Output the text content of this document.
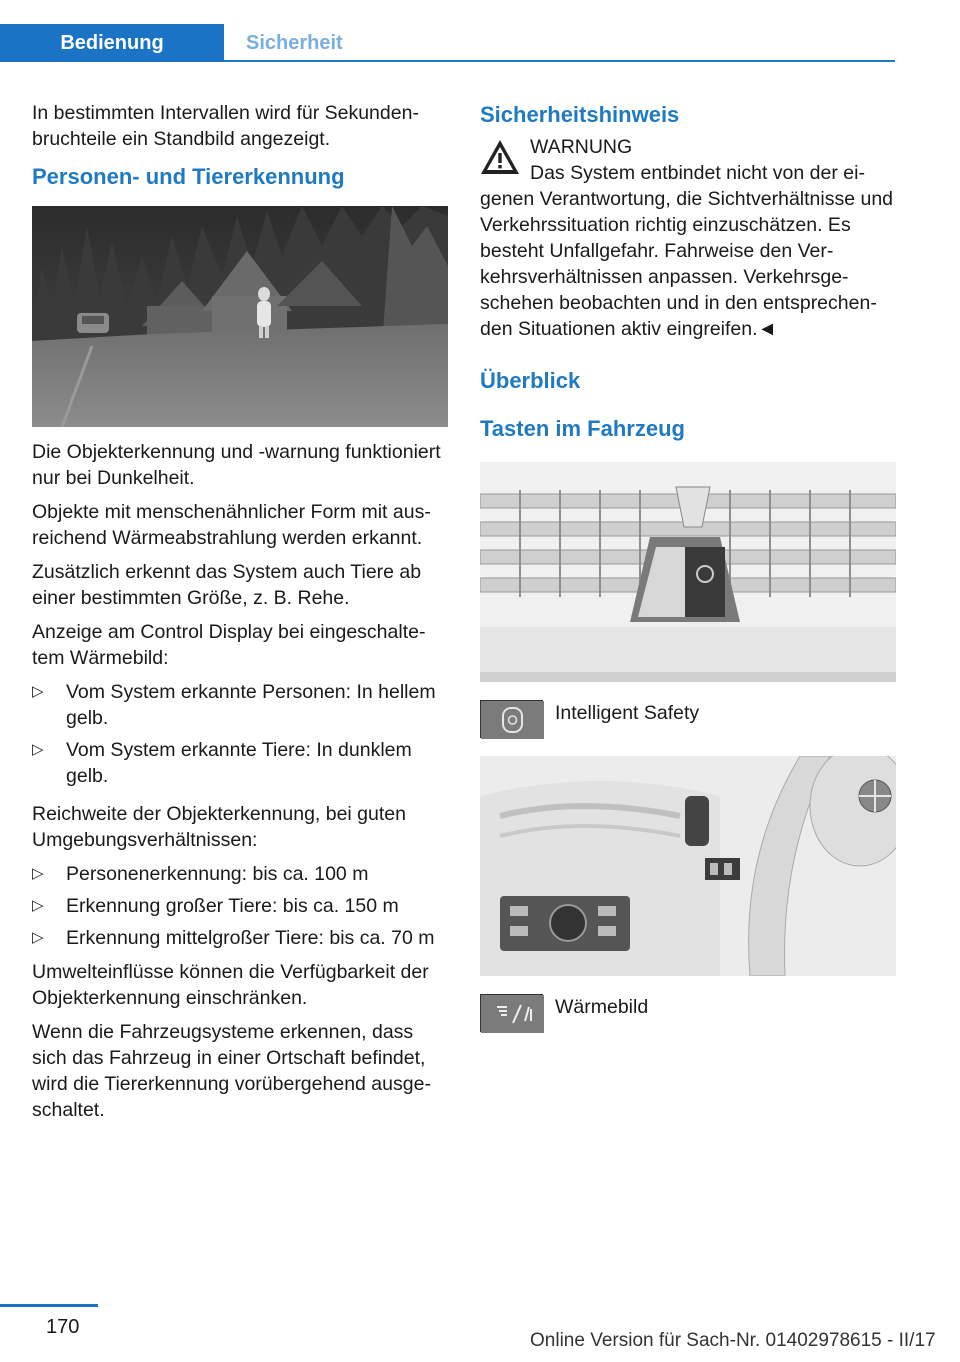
Bedienung	Sicherheit

In bestimmten Intervallen wird für Sekundenbruchteile ein Standbild angezeigt.

Personen- und Tiererkennung

Die Objekterkennung und -warnung funktioniert nur bei Dunkelheit.

Objekte mit menschenähnlicher Form mit ausreichend Wärmeabstrahlung werden erkannt.

Zusätzlich erkennt das System auch Tiere ab einer bestimmten Größe, z. B. Rehe.

Anzeige am Control Display bei eingeschaltetem Wärmebild:

▷ Vom System erkannte Personen: In hellem gelb.
▷ Vom System erkannte Tiere: In dunklem gelb.

Reichweite der Objekterkennung, bei guten Umgebungsverhältnissen:

▷ Personenerkennung: bis ca. 100 m
▷ Erkennung großer Tiere: bis ca. 150 m
▷ Erkennung mittelgroßer Tiere: bis ca. 70 m

Umwelteinflüsse können die Verfügbarkeit der Objekterkennung einschränken.

Wenn die Fahrzeugsysteme erkennen, dass sich das Fahrzeug in einer Ortschaft befindet, wird die Tiererkennung vorübergehend ausgeschaltet.

Sicherheitshinweis
WARNUNG

Das System entbindet nicht von der eigenen Verantwortung, die Sichtverhältnisse und Verkehrssituation richtig einzuschätzen. Es besteht Unfallgefahr. Fahrweise den Verkehrsverhältnissen anpassen. Verkehrsgeschehen beobachten und in den entsprechenden Situationen aktiv eingreifen.◄

Überblick
Tasten im Fahrzeug
Intelligent Safety
Wärmebild
170
Online Version für Sach-Nr. 01402978615 - II/17
